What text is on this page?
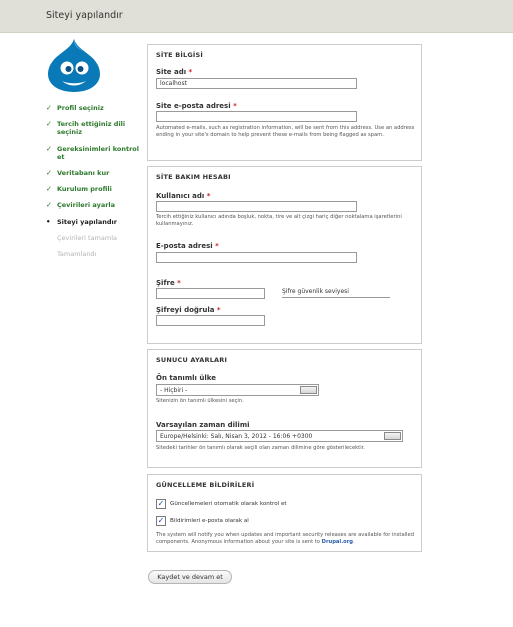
Siteyi yapılandır
✓ Profil seçiniz
✓ Tercih ettiğiniz dili seçiniz
✓ Gereksinimleri kontrol et
✓ Veritabanı kur
✓ Kurulum profili
✓ Çevirileri ayarla
• Siteyi yapılandır
Çevirileri tamamla
Tamamlandı
SİTE BİLGİSİ
Site adı *
localhost
Site e-posta adresi *
Automated e-mails, such as registration information, will be sent from this address. Use an address ending in your site's domain to help prevent these e-mails from being flagged as spam.
SİTE BAKIM HESABI
Kullanıcı adı *
Tercih ettiğiniz kullanıcı adında boşluk, nokta, tire ve alt çizgi hariç diğer noktalama işaretlerini kullanmayınız.
E-posta adresi *
Şifre *
Şifre güvenlik seviyesi
Şifreyi doğrula *
SUNUCU AYARLARI
Ön tanımlı ülke
- Hiçbiri -
Sitenizin ön tanımlı ülkesini seçin.
Varsayılan zaman dilimi
Europe/Helsinki: Salı, Nisan 3, 2012 - 16:06 +0300
Sitedeki tarihler ön tanımlı olarak seçili olan zaman dilimine göre gösterilecektir.
GÜNCELLEME BİLDİRİLERİ
✓ Güncellemeleri otomatik olarak kontrol et
✓ Bildirimleri e-posta olarak al
The system will notify you when updates and important security releases are available for installed components. Anonymous information about your site is sent to Drupal.org.
Kaydet ve devam et
